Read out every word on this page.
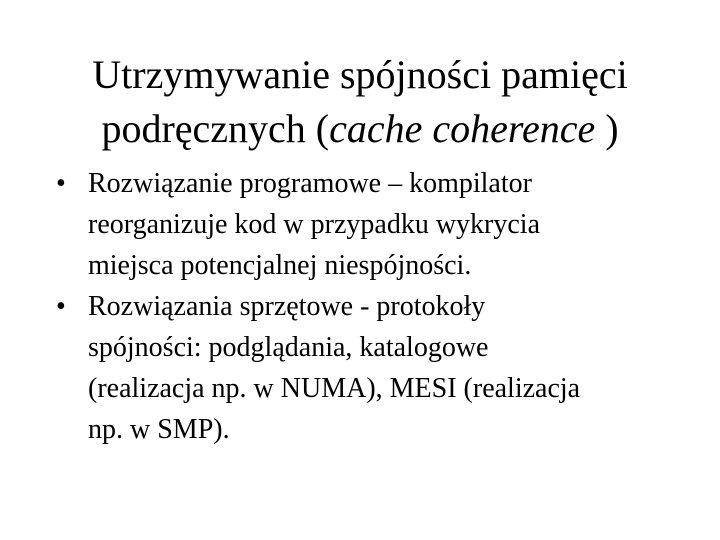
Utrzymywanie spójności pamięci
podręcznych (cache coherence )
• Rozwiązanie programowe – kompilator
reorganizuje kod w przypadku wykrycia
miejsca potencjalnej niespójności.
• Rozwiązania sprzętowe - protokoły
spójności: podglądania, katalogowe
(realizacja np. w NUMA), MESI (realizacja
np. w SMP).
